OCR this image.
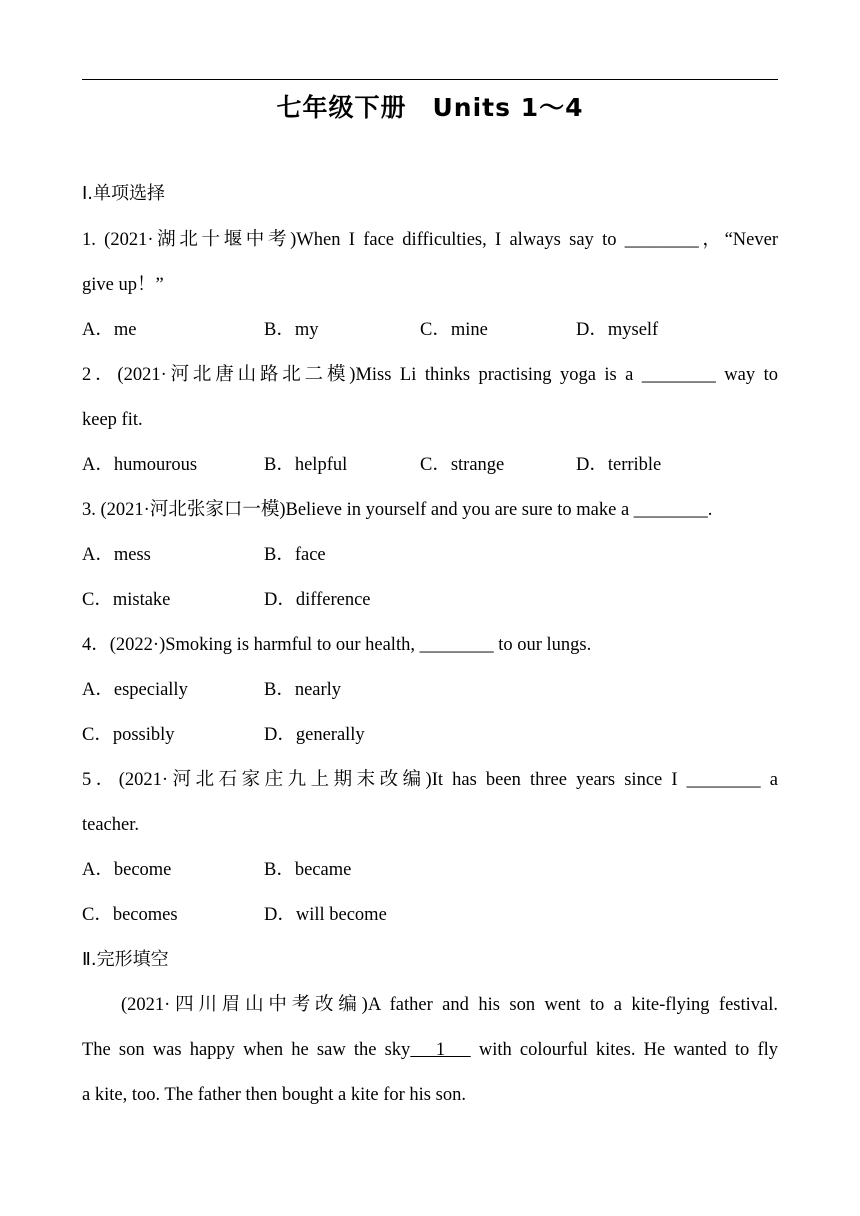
七年级下册　Units 1～4
Ⅰ.单项选择
1. (2021·湖北十堰中考)When I face difficulties, I always say to ________，“Never
give up！”
A．me	B．my	C．mine	D．myself
2．(2021·河北唐山路北二模)Miss Li thinks practising yoga is a ________ way to
keep fit.
A．humourous	B．helpful	C．strange	D．terrible
3. (2021·河北张家口一模)Believe in yourself and you are sure to make a ________.
A．mess	B．face
C．mistake	D．difference
4．(2022·)Smoking is harmful to our health, ________ to our lungs.
A．especially	B．nearly
C．possibly	D．generally
5．(2021·河北石家庄九上期末改编)It has been three years since I ________ a
teacher.
A．become	B．became
C．becomes	D．will become
Ⅱ.完形填空
(2021·四川眉山中考改编)A father and his son went to a kite-flying festival.
The son was happy when he saw the sky　1　 with colourful kites. He wanted to fly
a kite, too. The father then bought a kite for his son.
